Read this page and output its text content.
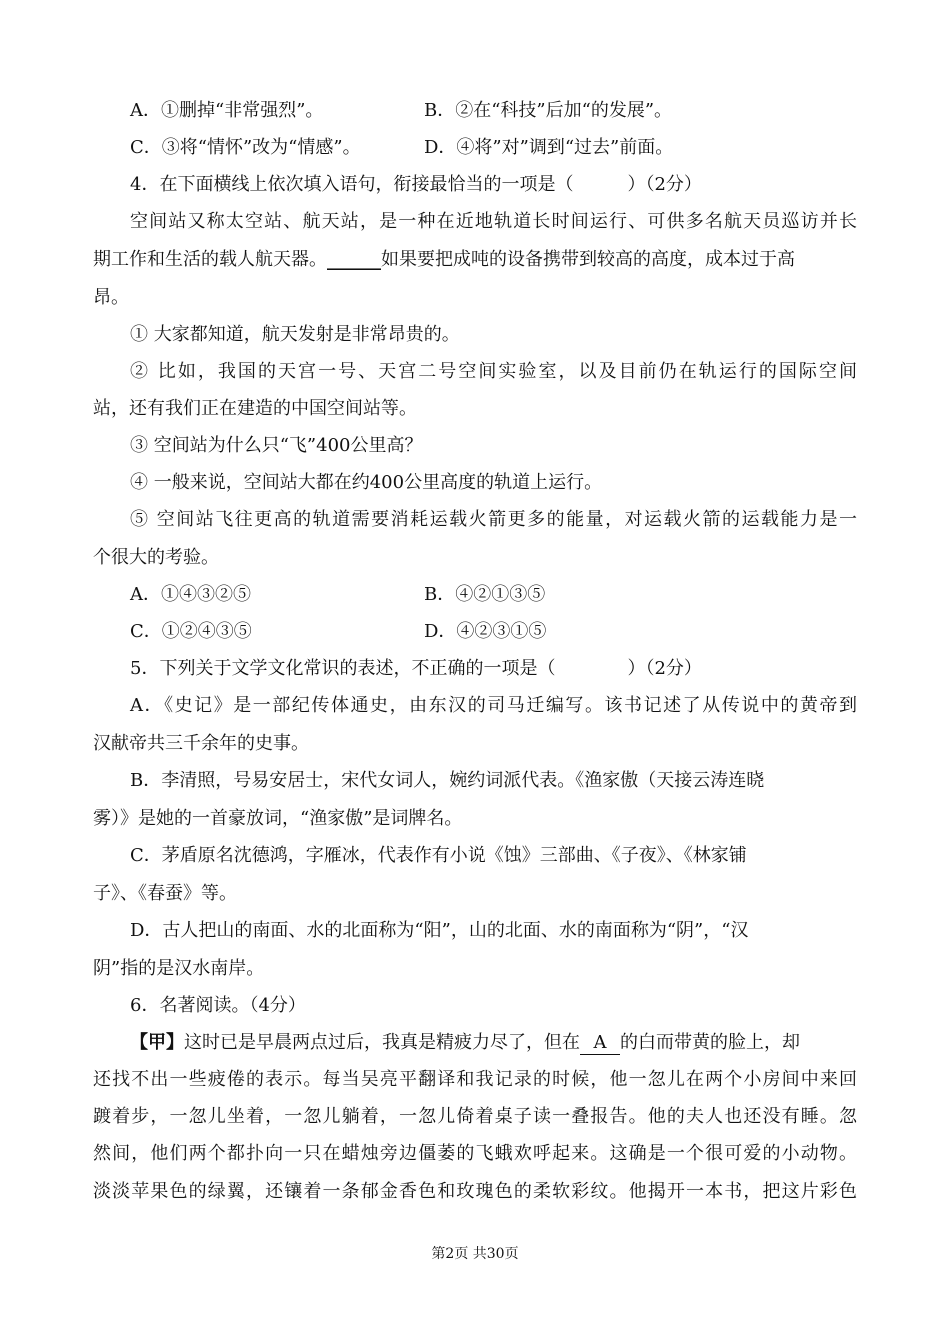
A．①删掉“非常强烈”。	B．②在“科技”后加“的发展”。
C．③将“情怀”改为“情感”。	D．④将”对”调到“过去”前面。
4．在下面横线上依次填入语句，衔接最恰当的一项是（　　　）（2分）
空间站又称太空站、航天站，是一种在近地轨道长时间运行、可供多名航天员巡访并长
期工作和生活的载人航天器。______如果要把成吨的设备携带到较高的高度，成本过于高
昂。
① 大家都知道，航天发射是非常昂贵的。
② 比如，我国的天宫一号、天宫二号空间实验室，以及目前仍在轨运行的国际空间
站，还有我们正在建造的中国空间站等。
③ 空间站为什么只“飞”400公里高？
④ 一般来说，空间站大都在约400公里高度的轨道上运行。
⑤ 空间站飞往更高的轨道需要消耗运载火箭更多的能量，对运载火箭的运载能力是一
个很大的考验。
A．①④③②⑤	B．④②①③⑤
C．①②④③⑤	D．④②③①⑤
5．下列关于文学文化常识的表述，不正确的一项是（　　　　）（2分）
A．《史记》是一部纪传体通史，由东汉的司马迁编写。该书记述了从传说中的黄帝到
汉献帝共三千余年的史事。
B．李清照，号易安居士，宋代女词人，婉约词派代表。《渔家傲（天接云涛连晓
雾）》是她的一首豪放词，“渔家傲”是词牌名。
C．茅盾原名沈德鸿，字雁冰，代表作有小说《蚀》三部曲、《子夜》、《林家铺
子》、《春蚕》等。
D．古人把山的南面、水的北面称为“阳”，山的北面、水的南面称为“阴”，“汉
阴”指的是汉水南岸。
6．名著阅读。（4分）
【甲】这时已是早晨两点过后，我真是精疲力尽了，但在 A 的白而带黄的脸上，却
还找不出一些疲倦的表示。每当吴亮平翻译和我记录的时候，他一忽儿在两个小房间中来回
踱着步，一忽儿坐着，一忽儿躺着，一忽儿倚着桌子读一叠报告。他的夫人也还没有睡。忽
然间，他们两个都扑向一只在蜡烛旁边僵萎的飞蛾欢呼起来。这确是一个很可爱的小动物。
淡淡苹果色的绿翼，还镶着一条郁金香色和玫瑰色的柔软彩纹。他揭开一本书，把这片彩色
第2页 共30页
